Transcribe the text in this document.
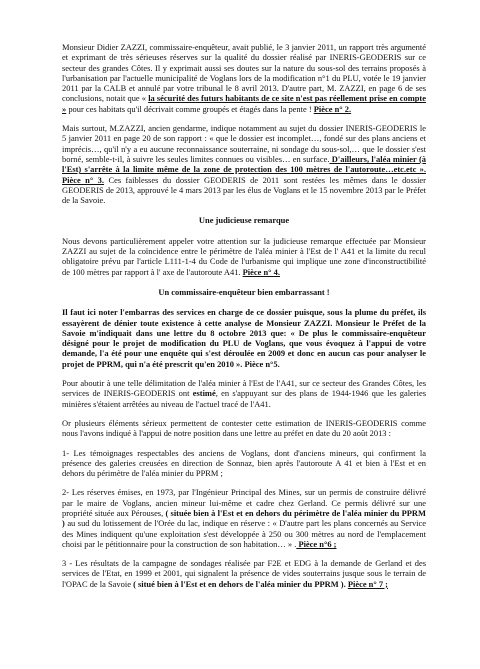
Monsieur Didier ZAZZI, commissaire-enquêteur, avait publié, le 3 janvier 2011, un rapport très argumenté et exprimant de très sérieuses réserves sur la qualité du dossier réalisé par INERIS-GEODERIS sur ce secteur des grandes Côtes. Il y exprimait aussi ses doutes sur la nature du sous-sol des terrains proposés à l'urbanisation par l'actuelle municipalité de Voglans lors de la modification n°1 du PLU, votée le 19 janvier 2011 par la CALB et annulé par votre tribunal le 8 avril 2013. D'autre part, M. ZAZZI, en page 6 de ses conclusions, notait que « la sécurité des futurs habitants de ce site n'est pas réellement prise en compte » pour ces habitats qu'il décrivait comme groupés et étagés dans la pente ! Pièce n° 2.

Mais surtout, M.ZAZZI, ancien gendarme, indique notamment au sujet du dossier INERIS-GEODERIS le 5 janvier 2011 en page 20 de son rapport : « que le dossier est incomplet…, fondé sur des plans anciens et imprécis…, qu'il n'y a eu aucune reconnaissance souterraine, ni sondage du sous-sol,… que le dossier s'est borné, semble-t-il, à suivre les seules limites connues ou visibles… en surface. D'ailleurs, l'aléa minier (à l'Est) s'arrête à la limite même de la zone de protection des 100 mètres de l'autoroute…etc.etc ». Pièce n° 3. Ces faiblesses du dossier GEODERIS de 2011 sont restées les mêmes dans le dossier GEODERIS de 2013, approuvé le 4 mars 2013 par les élus de Voglans et le 15 novembre 2013 par le Préfet de la Savoie.

Une judicieuse remarque

Nous devons particulièrement appeler votre attention sur la judicieuse remarque effectuée par Monsieur ZAZZI au sujet de la coïncidence entre le périmètre de l'aléa minier à l'Est de l' A41 et la limite du recul obligatoire prévu par l'article L111-1-4 du Code de l'urbanisme qui implique une zone d'inconstructibilité de 100 mètres par rapport à l' axe de l'autoroute A41. Pièce n° 4.

Un commissaire-enquêteur bien embarrassant !

Il faut ici noter l'embarras des services en charge de ce dossier puisque, sous la plume du préfet, ils essayèrent de dénier toute existence à cette analyse de Monsieur ZAZZI. Monsieur le Préfet de la Savoie m'indiquait dans une lettre du 8 octobre 2013 que: « De plus le commissaire-enquêteur désigné pour le projet de modification du PLU de Voglans, que vous évoquez à l'appui de votre demande, l'a été pour une enquête qui s'est déroulée en 2009 et donc en aucun cas pour analyser le projet de PPRM, qui n'a été prescrit qu'en 2010 ». Pièce n°5.

Pour aboutir à une telle délimitation de l'aléa minier à l'Est de l'A41, sur ce secteur des Grandes Côtes, les services de INERIS-GEODERIS ont estimé, en s'appuyant sur des plans de 1944-1946 que les galeries minières s'étaient arrêtées au niveau de l'actuel tracé de l'A41.

Or plusieurs éléments sérieux permettent de contester cette estimation de INERIS-GEODERIS comme nous l'avons indiqué à l'appui de notre position dans une lettre au préfet en date du 20 août 2013 :

1- Les témoignages respectables des anciens de Voglans, dont d'anciens mineurs, qui confirment la présence des galeries creusées en direction de Sonnaz, bien après l'autoroute A 41 et bien à l'Est et en dehors du périmètre de l'aléa minier du PPRM ;

2- Les réserves émises, en 1973, par l'Ingénieur Principal des Mines, sur un permis de construire délivré par le maire de Voglans, ancien mineur lui-même et cadre chez Gerland. Ce permis délivré sur une propriété située aux Pérouses, ( située bien à l'Est et en dehors du périmètre de l'aléa minier du PPRM ) au sud du lotissement de l'Orée du lac, indique en réserve : « D'autre part les plans concernés au Service des Mines indiquent qu'une exploitation s'est développée à 250 ou 300 mètres au nord de l'emplacement choisi par le pétitionnaire pour la construction de son habitation… » . Pièce n°6 ;

3 - Les résultats de la campagne de sondages réalisée par F2E et EDG à la demande de Gerland et des services de l'Etat, en 1999 et 2001, qui signalent la présence de vides souterrains jusque sous le terrain de l'OPAC de la Savoie ( situé bien à l'Est et en dehors de l'aléa minier du PPRM ). Pièce n° 7 ;
